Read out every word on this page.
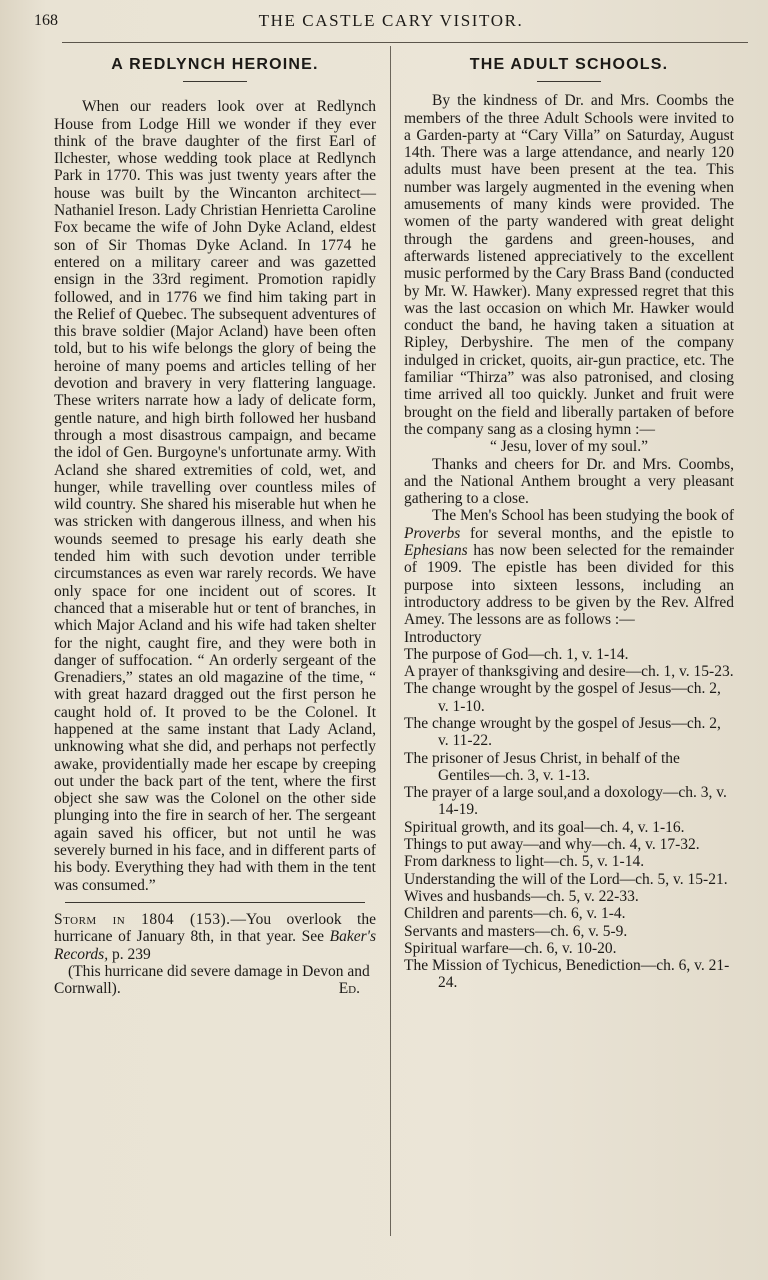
168	THE CASTLE CARY VISITOR.
A REDLYNCH HEROINE.

When our readers look over at Redlynch House from Lodge Hill we wonder if they ever think of the brave daughter of the first Earl of Ilchester, whose wedding took place at Redlynch Park in 1770. This was just twenty years after the house was built by the Wincanton architect—Nathaniel Ireson. Lady Christian Henrietta Caroline Fox became the wife of John Dyke Acland, eldest son of Sir Thomas Dyke Acland. In 1774 he entered on a military career and was gazetted ensign in the 33rd regiment. Promotion rapidly followed, and in 1776 we find him taking part in the Relief of Quebec. The subsequent adventures of this brave soldier (Major Acland) have been often told, but to his wife belongs the glory of being the heroine of many poems and articles telling of her devotion and bravery in very flattering language. These writers narrate how a lady of delicate form, gentle nature, and high birth followed her husband through a most disastrous campaign, and became the idol of Gen. Burgoyne's unfortunate army. With Acland she shared extremities of cold, wet, and hunger, while travelling over countless miles of wild country. She shared his miserable hut when he was stricken with dangerous illness, and when his wounds seemed to presage his early death she tended him with such devotion under terrible circumstances as even war rarely records. We have only space for one incident out of scores. It chanced that a miserable hut or tent of branches, in which Major Acland and his wife had taken shelter for the night, caught fire, and they were both in danger of suffocation. “ An orderly sergeant of the Grenadiers,” states an old magazine of the time, “ with great hazard dragged out the first person he caught hold of. It proved to be the Colonel. It happened at the same instant that Lady Acland, unknowing what she did, and perhaps not perfectly awake, providentially made her escape by creeping out under the back part of the tent, where the first object she saw was the Colonel on the other side plunging into the fire in search of her. The sergeant again saved his officer, but not until he was severely burned in his face, and in different parts of his body. Everything they had with them in the tent was consumed.”

Storm in 1804 (153).—You overlook the hurricane of January 8th, in that year. See Baker's Records, p. 239

(This hurricane did severe damage in Devon and Cornwall).	Ed.

THE ADULT SCHOOLS.

By the kindness of Dr. and Mrs. Coombs the members of the three Adult Schools were invited to a Garden-party at “Cary Villa” on Saturday, August 14th. There was a large attendance, and nearly 120 adults must have been present at the tea. This number was largely augmented in the evening when amusements of many kinds were provided. The women of the party wandered with great delight through the gardens and green-houses, and afterwards listened appreciatively to the excellent music performed by the Cary Brass Band (conducted by Mr. W. Hawker). Many expressed regret that this was the last occasion on which Mr. Hawker would conduct the band, he having taken a situation at Ripley, Derbyshire. The men of the company indulged in cricket, quoits, air-gun practice, etc. The familiar “Thirza” was also patronised, and closing time arrived all too quickly. Junket and fruit were brought on the field and liberally partaken of before the company sang as a closing hymn :—

“ Jesu, lover of my soul.”

Thanks and cheers for Dr. and Mrs. Coombs, and the National Anthem brought a very pleasant gathering to a close.

The Men's School has been studying the book of Proverbs for several months, and the epistle to Ephesians has now been selected for the remainder of 1909. The epistle has been divided for this purpose into sixteen lessons, including an introductory address to be given by the Rev. Alfred Amey. The lessons are as follows :—

Introductory
The purpose of God—ch. 1, v. 1-14.
A prayer of thanksgiving and desire—ch. 1, v. 15-23.
The change wrought by the gospel of Jesus—ch. 2, v. 1-10.
The change wrought by the gospel of Jesus—ch. 2, v. 11-22.
The prisoner of Jesus Christ, in behalf of the Gentiles—ch. 3, v. 1-13.
The prayer of a large soul,and a doxology—ch. 3, v. 14-19.
Spiritual growth, and its goal—ch. 4, v. 1-16.
Things to put away—and why—ch. 4, v. 17-32.
From darkness to light—ch. 5, v. 1-14.
Understanding the will of the Lord—ch. 5, v. 15-21.
Wives and husbands—ch. 5, v. 22-33.
Children and parents—ch. 6, v. 1-4.
Servants and masters—ch. 6, v. 5-9.
Spiritual warfare—ch. 6, v. 10-20.
The Mission of Tychicus, Benediction—ch. 6, v. 21-24.
